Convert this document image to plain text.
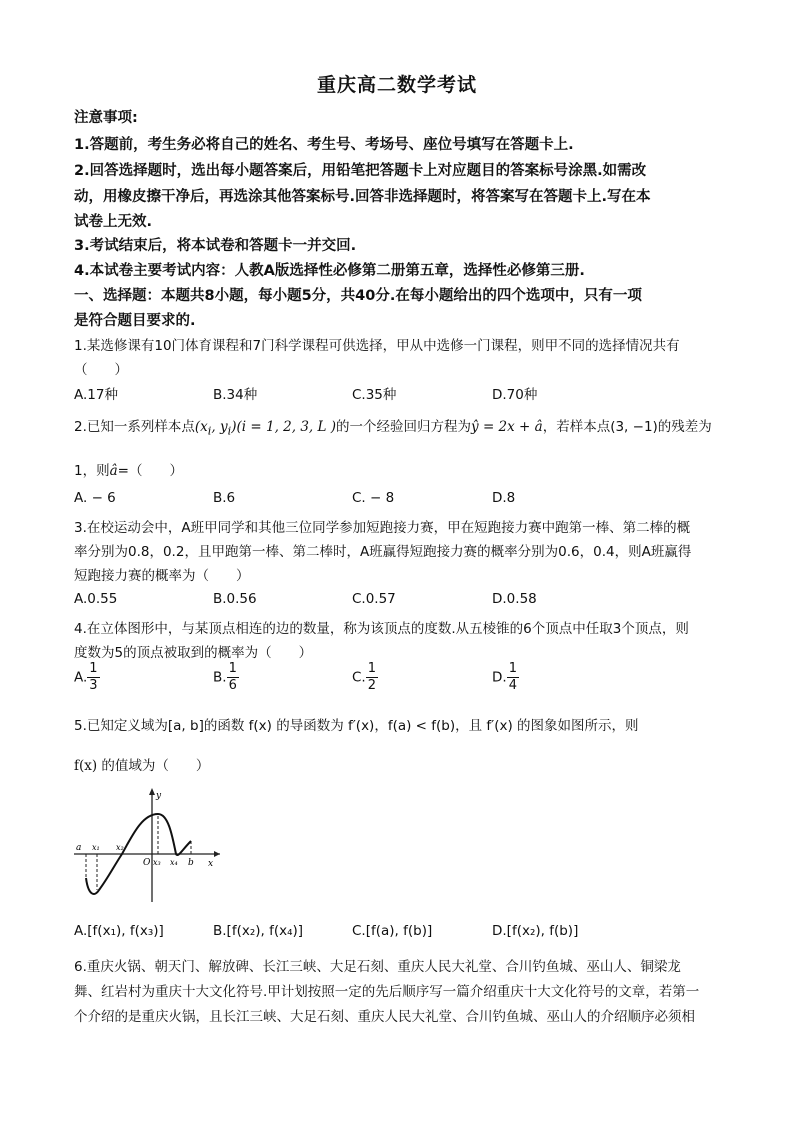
重庆高二数学考试
注意事项:
1.答题前，考生务必将自己的姓名、考生号、考场号、座位号填写在答题卡上.
2.回答选择题时，选出每小题答案后，用铅笔把答题卡上对应题目的答案标号涂黑.如需改
动，用橡皮擦干净后，再选涂其他答案标号.回答非选择题时，将答案写在答题卡上.写在本
试卷上无效.
3.考试结束后，将本试卷和答题卡一并交回.
4.本试卷主要考试内容：人教A版选择性必修第二册第五章，选择性必修第三册.
一、选择题：本题共8小题，每小题5分，共40分.在每小题给出的四个选项中，只有一项
是符合题目要求的.
1.某选修课有10门体育课程和7门科学课程可供选择，甲从中选修一门课程，则甲不同的选择情况共有
（　　）
A.17种	B.34种	C.35种	D.70种
2.已知一系列样本点($x_i$, $y_i)(i = 1$, 2, 3, L )的一个经验回归方程为ŷ = 2x + â，若样本点(3, −1)的残差为
1，则â=（　　）
A. − 6	B.6	C. − 8	D.8
3.在校运动会中，A班甲同学和其他三位同学参加短跑接力赛，甲在短跑接力赛中跑第一棒、第二棒的概
率分别为0.8，0.2，且甲跑第一棒、第二棒时，A班赢得短跑接力赛的概率分别为0.6，0.4，则A班赢得
短跑接力赛的概率为（　　）
A.0.55	B.0.56	C.0.57	D.0.58
4.在立体图形中，与某顶点相连的边的数量，称为该顶点的度数.从五棱锥的6个顶点中任取3个顶点，则
度数为5的顶点被取到的概率为（　　）
A. $\frac{1}{3}$	B. $\frac{1}{6}$	C. $\frac{1}{2}$	D. $\frac{1}{4}$
5.已知定义域为[a, b]的函数 f(x) 的导函数为 f′(x)，f(a) < f(b)，且 f′(x) 的图象如图所示，则
f(x) 的值域为（　　）
a x₁ x₂
O x₃ x₄ b x
y
A.[f(x₁), f(x₃)]	B.[f(x₂), f(x₄)]	C.[f(a), f(b)]	D.[f(x₂), f(b)]
6.重庆火锅、朝天门、解放碑、长江三峡、大足石刻、重庆人民大礼堂、合川钓鱼城、巫山人、铜梁龙
舞、红岩村为重庆十大文化符号.甲计划按照一定的先后顺序写一篇介绍重庆十大文化符号的文章，若第一
个介绍的是重庆火锅，且长江三峡、大足石刻、重庆人民大礼堂、合川钓鱼城、巫山人的介绍顺序必须相
